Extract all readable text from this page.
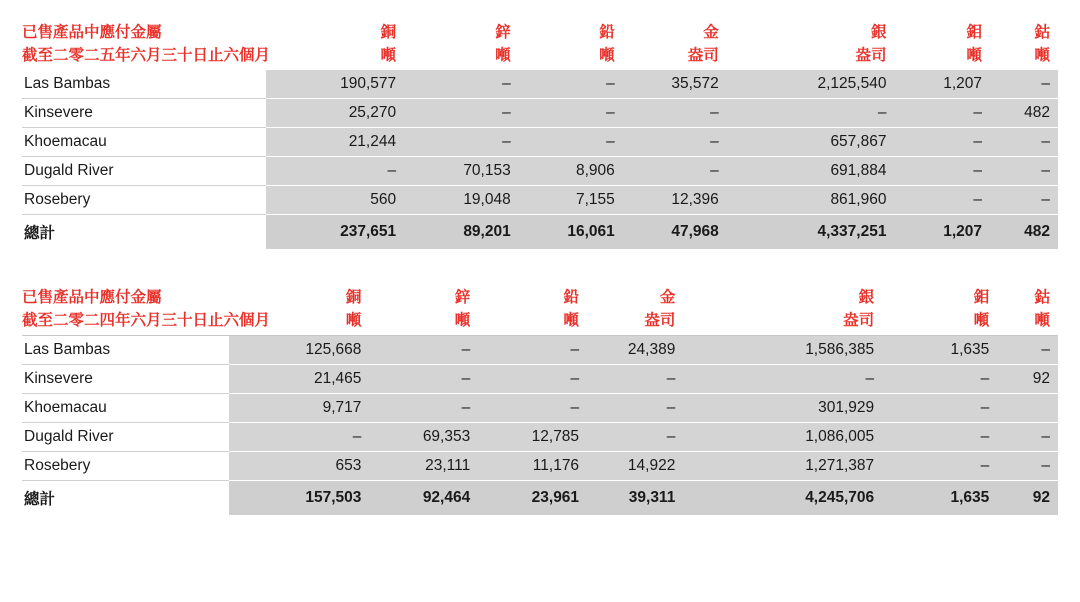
已售產品中應付金屬	銅	鋅	鉛	金	銀	鉬	鈷
截至二零二五年六月三十日止六個月	噸	噸	噸	盎司	盎司	噸	噸
Las Bambas	190,577	–	–	35,572	2,125,540	1,207	–
Kinsevere	25,270	–	–	–	–	–	482
Khoemacau	21,244	–	–	–	657,867	–	–
Dugald River	–	70,153	8,906	–	691,884	–	–
Rosebery	560	19,048	7,155	12,396	861,960	–	–
總計	237,651	89,201	16,061	47,968	4,337,251	1,207	482
已售產品中應付金屬	銅	鋅	鉛	金	銀	鉬	鈷
截至二零二四年六月三十日止六個月	噸	噸	噸	盎司	盎司	噸	噸

Las Bambas	125,668	–	–	24,389	1,586,385	1,635	–
Kinsevere	21,465	–	–	–	–	–	92
Khoemacau	9,717	–	–	–	301,929	–	
Dugald River	–	69,353	12,785	–	1,086,005	–	–
Rosebery	653	23,111	11,176	14,922	1,271,387	–	–
總計	157,503	92,464	23,961	39,311	4,245,706	1,635	92
